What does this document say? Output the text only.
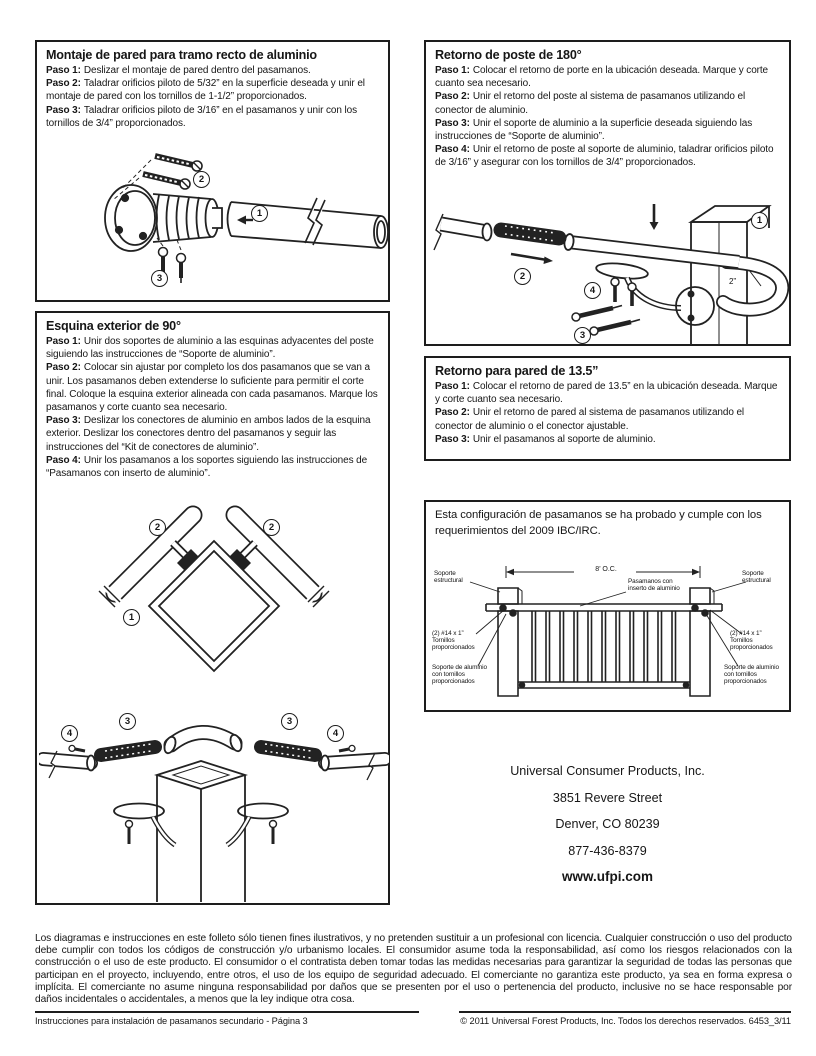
Montaje de pared para tramo recto de aluminio
Paso 1: Deslizar el montaje de pared dentro del pasamanos.
Paso 2: Taladrar orificios piloto de 5/32” en la superficie deseada y unir el montaje de pared con los tornillos de 1-1/2” proporcionados.
Paso 3: Taladrar orificios piloto de 3/16” en el pasamanos y unir con los tornillos de 3/4” proporcionados.
1
2
3
Retorno de poste de 180°
Paso 1: Colocar el retorno de porte en la ubicación deseada. Marque y corte cuanto sea necesario.
Paso 2: Unir el retorno del poste al sistema de pasamanos utilizando el conector de aluminio.
Paso 3: Unir el soporte de aluminio a la superficie deseada siguiendo las instrucciones de “Soporte de aluminio”.
Paso 4: Unir el retorno de poste al soporte de aluminio, taladrar orificios piloto de 3/16” y asegurar con los tornillos de 3/4” proporcionados.
1
2
3
4
2”
Esquina exterior de 90°
Paso 1: Unir dos soportes de aluminio a las esquinas adyacentes del poste siguiendo las instrucciones de “Soporte de aluminio”.
Paso 2: Colocar sin ajustar por completo los dos pasamanos que se van a unir. Los pasamanos deben extenderse lo suficiente para permitir el corte final. Coloque la esquina exterior alineada con cada pasamanos. Marque los pasamanos y corte cuanto sea necesario.
Paso 3: Deslizar los conectores de aluminio en ambos lados de la esquina exterior. Deslizar los conectores dentro del pasamanos y seguir las instrucciones del “Kit de conectores de aluminio”.
Paso 4: Unir los pasamanos a los soportes siguiendo las instrucciones de “Pasamanos con inserto de aluminio”.
2	2
1
3	3
4	4
Retorno para pared de 13.5”
Paso 1: Colocar el retorno de pared de 13.5” en la ubicación deseada. Marque y corte cuanto sea necesario.
Paso 2: Unir el retorno de pared al sistema de pasamanos utilizando el conector de aluminio o el conector ajustable.
Paso 3: Unir el pasamanos al soporte de aluminio.
Esta configuración de pasamanos se ha probado y cumple con los requerimientos del 2009 IBC/IRC.
8’ O.C.
Soporte
estructural
Soporte
estructural
(2) #14 x 1”
Tornillos
proporcionados
(2) #14 x 1”
Tornillos
proporcionados
Soporte de aluminio
con tornillos
proporcionados
Soporte de aluminio
con tornillos
proporcionados
Pasamanos con
inserto de aluminio
Universal Consumer Products, Inc.
3851 Revere Street
Denver, CO 80239
877-436-8379
www.ufpi.com
Los diagramas e instrucciones en este folleto sólo tienen fines ilustrativos, y no pretenden sustituir a un profesional con licencia. Cualquier construcción o uso del producto debe cumplir con todos los códigos de construcción y/o urbanismo locales. El consumidor asume toda la responsabilidad, así como los riesgos relacionados con la construcción o el uso de este producto. El consumidor o el contratista deben tomar todas las medidas necesarias para garantizar la seguridad de todas las personas que participan en el proyecto, incluyendo, entre otros, el uso de los equipo de seguridad adecuado. El comerciante no garantiza este producto, ya sea en forma expresa o implícita. El comerciante no asume ninguna responsabilidad por daños que se presenten por el uso o pertenencia del producto, inclusive no se hace responsable por daños incidentales o accidentales, a menos que la ley indique otra cosa.
Instrucciones para instalación de pasamanos secundario - Página 3	© 2011 Universal Forest Products, Inc. Todos los derechos reservados. 6453_3/11
